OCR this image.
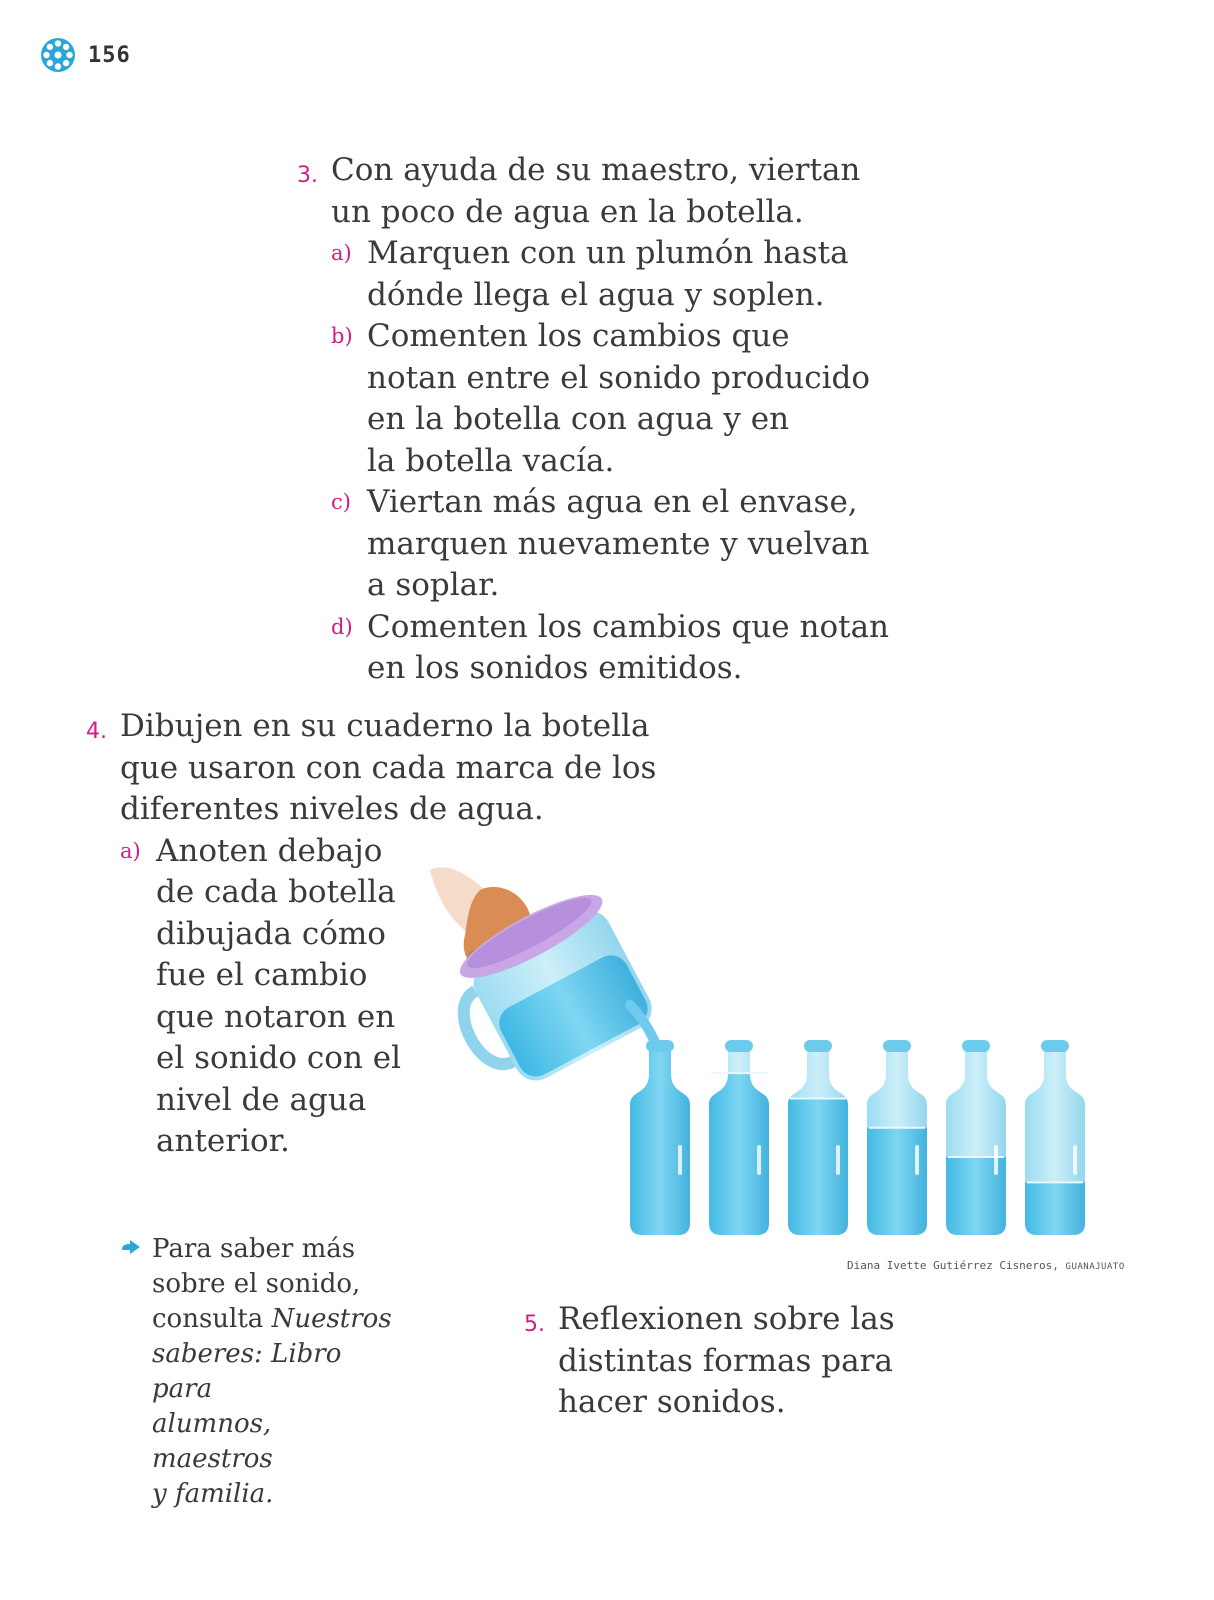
156
3. Con ayuda de su maestro, viertan
un poco de agua en la botella.
a) Marquen con un plumón hasta
dónde llega el agua y soplen.
b) Comenten los cambios que
notan entre el sonido producido
en la botella con agua y en
la botella vacía.
c) Viertan más agua en el envase,
marquen nuevamente y vuelvan
a soplar.
d) Comenten los cambios que notan
en los sonidos emitidos.
4. Dibujen en su cuaderno la botella
que usaron con cada marca de los
diferentes niveles de agua.
a) Anoten debajo
de cada botella
dibujada cómo
fue el cambio
que notaron en
el sonido con el
nivel de agua
anterior.
Diana Ivette Gutiérrez Cisneros, GUANAJUATO
Para saber más
sobre el sonido,
consulta Nuestros
saberes: Libro para
alumnos, maestros
y familia.
5. Reflexionen sobre las
distintas formas para
hacer sonidos.
